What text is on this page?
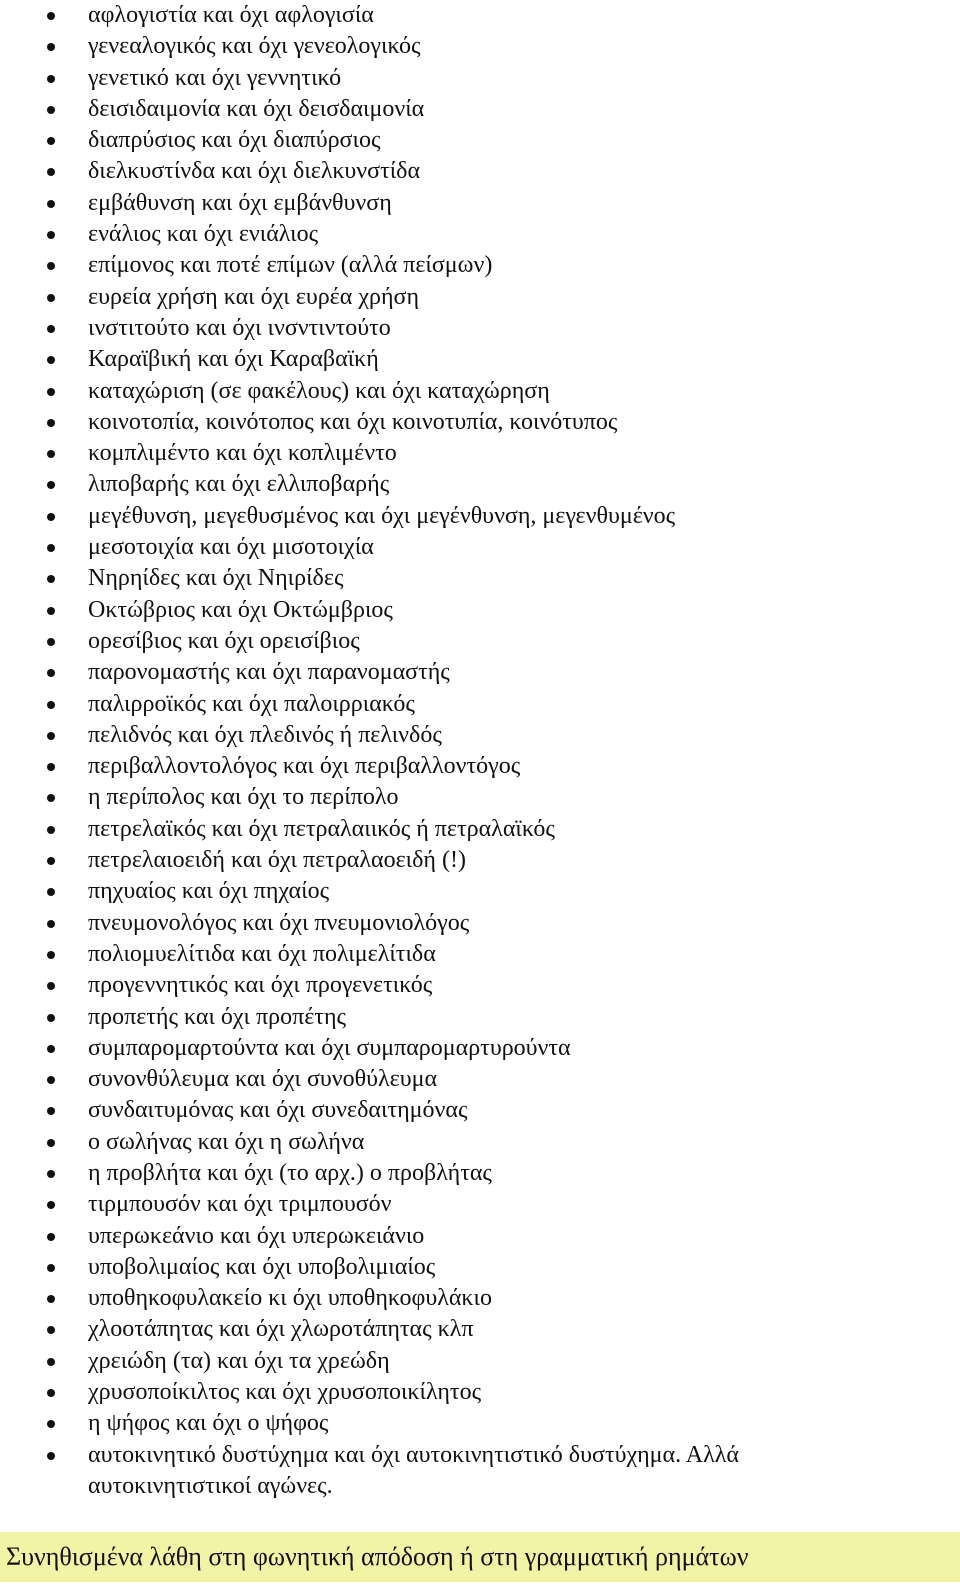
αφλογιστία και όχι αφλογισία
γενεαλογικός και όχι γενεολογικός
γενετικό και όχι γεννητικό
δεισιδαιμονία και όχι δεισδαιμονία
διαπρύσιος και όχι διαπύρσιος
διελκυστίνδα και όχι διελκυνστίδα
εμβάθυνση και όχι εμβάνθυνση
ενάλιος και όχι ενιάλιος
επίμονος και ποτέ επίμων (αλλά πείσμων)
ευρεία χρήση και όχι ευρέα χρήση
ινστιτούτο και όχι ινσντιντούτο
Καραϊβική και όχι Καραβαϊκή
καταχώριση (σε φακέλους) και όχι καταχώρηση
κοινοτοπία, κοινότοπος και όχι κοινοτυπία, κοινότυπος
κομπλιμέντο και όχι κοπλιμέντο
λιποβαρής και όχι ελλιποβαρής
μεγέθυνση, μεγεθυσμένος και όχι μεγένθυνση, μεγενθυμένος
μεσοτοιχία και όχι μισοτοιχία
Νηρηίδες και όχι Νηιρίδες
Οκτώβριος και όχι Οκτώμβριος
ορεσίβιος και όχι ορεισίβιος
παρονομαστής και όχι παρανομαστής
παλιρροϊκός και όχι παλοιρριακός
πελιδνός και όχι πλεδινός ή πελινδός
περιβαλλοντολόγος και όχι περιβαλλοντόγος
η περίπολος και όχι το περίπολο
πετρελαϊκός και όχι πετραλαιικός ή πετραλαϊκός
πετρελαιοειδή και όχι πετραλαοειδή (!)
πηχυαίος και όχι πηχαίος
πνευμονολόγος και όχι πνευμονιολόγος
πολιομυελίτιδα και όχι πολιμελίτιδα
προγεννητικός και όχι προγενετικός
προπετής και όχι προπέτης
συμπαρομαρτούντα και όχι συμπαρομαρτυρούντα
συνονθύλευμα και όχι συνοθύλευμα
συνδαιτυμόνας και όχι συνεδαιτημόνας
ο σωλήνας και όχι η σωλήνα
η προβλήτα και όχι (το αρχ.) ο προβλήτας
τιρμπουσόν και όχι τριμπουσόν
υπερωκεάνιο και όχι υπερωκειάνιο
υποβολιμαίος και όχι υποβολιμιαίος
υποθηκοφυλακείο κι όχι υποθηκοφυλάκιο
χλοοτάπητας και όχι χλωροτάπητας κλπ
χρειώδη (τα) και όχι τα χρεώδη
χρυσοποίκιλτος και όχι χρυσοποικίλητος
η ψήφος και όχι ο ψήφος
αυτοκινητικό δυστύχημα και όχι αυτοκινητιστικό δυστύχημα. Αλλά αυτοκινητιστικοί αγώνες.
Συνηθισμένα λάθη στη φωνητική απόδοση ή στη γραμματική ρημάτων
